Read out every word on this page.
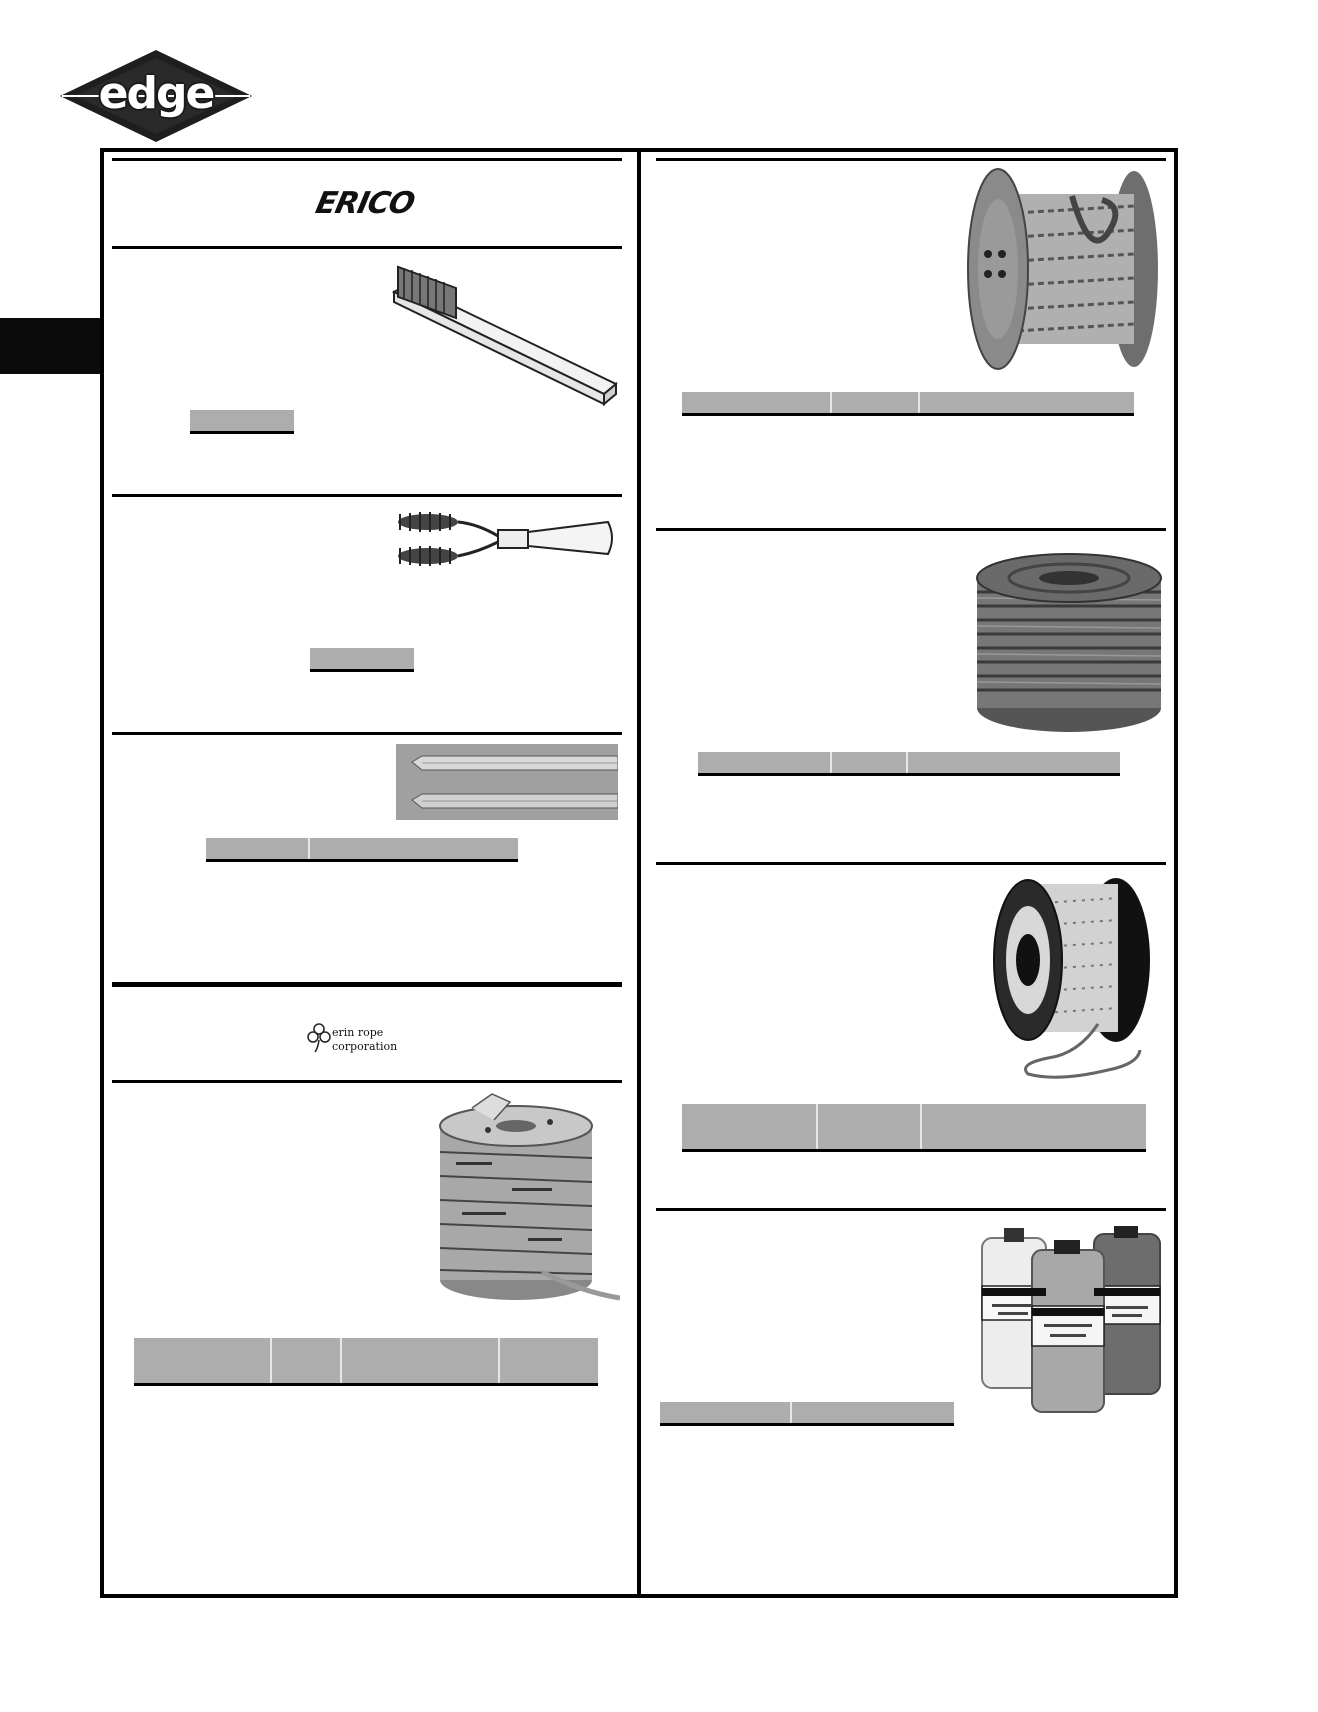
edge
ERICO
erin rope
corporation
